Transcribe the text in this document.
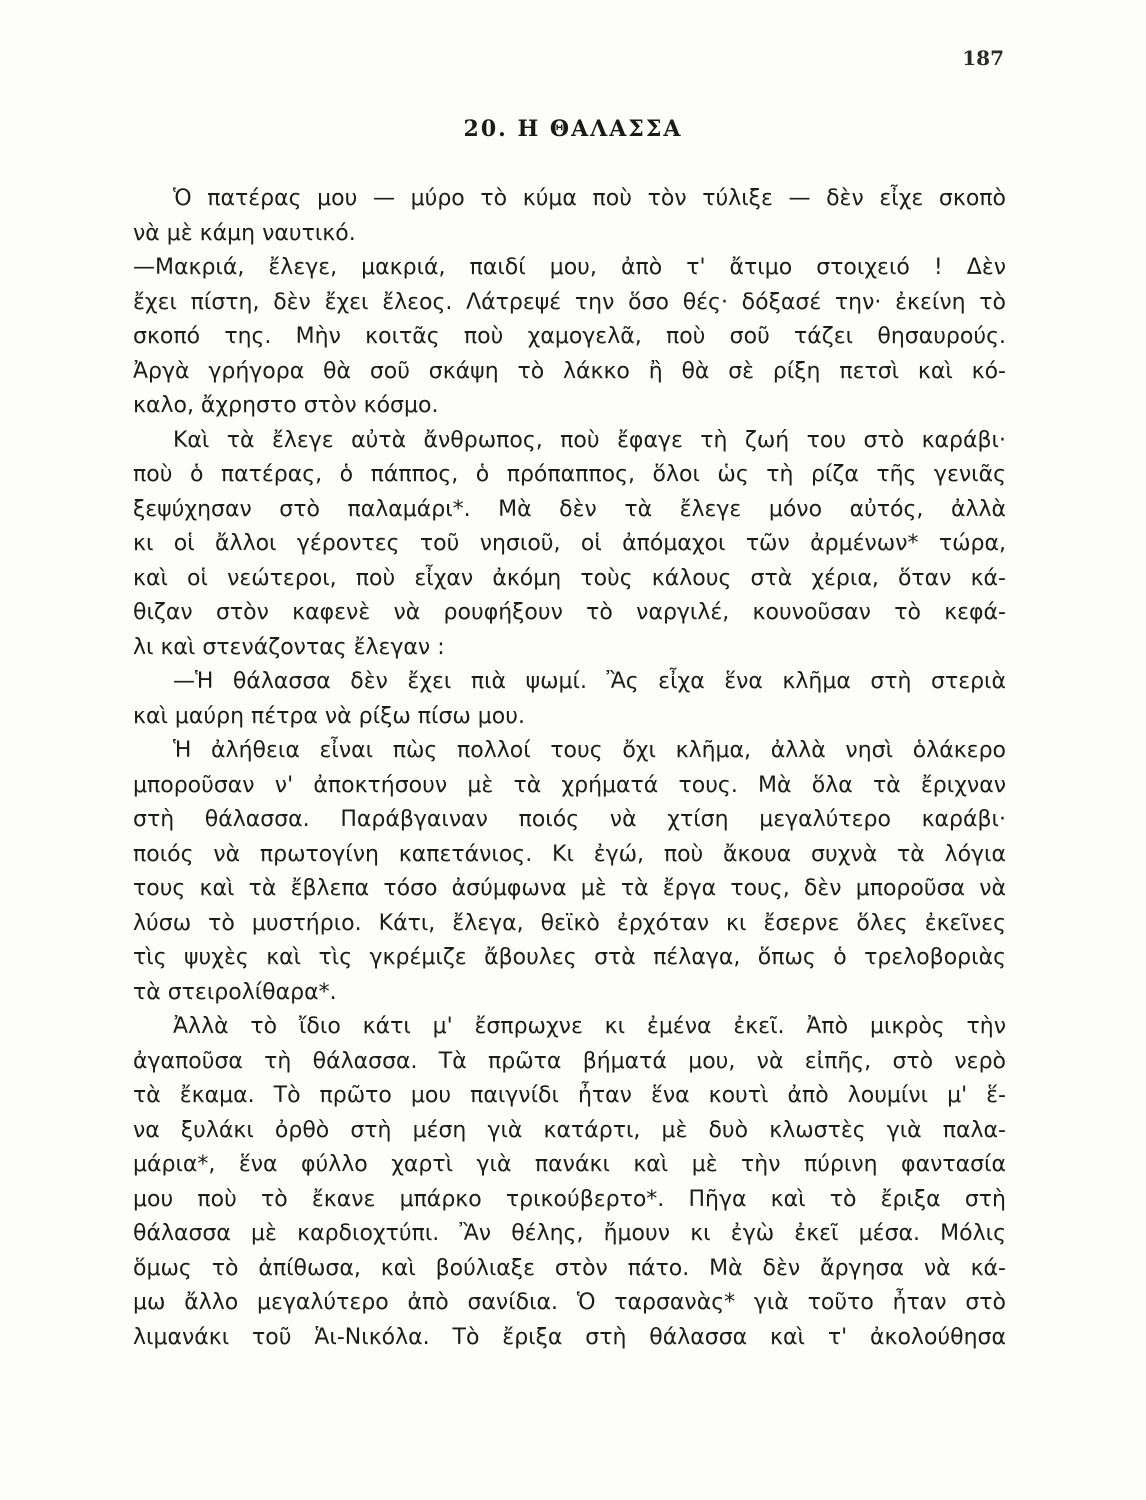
187
20. Η ΘΑΛΑΣΣΑ
Ὁ πατέρας μου — μύρο τὸ κύμα ποὺ τὸν τύλιξε — δὲν εἶχε σκοπὸ
νὰ μὲ κάμη ναυτικό.
—Μακριά, ἔλεγε, μακριά, παιδί μου, ἀπὸ τ' ἄτιμο στοιχειό ! Δὲν
ἔχει πίστη, δὲν ἔχει ἔλεος. Λάτρεψέ την ὅσο θές· δόξασέ την· ἐκείνη τὸ
σκοπό της. Μὴν κοιτᾶς ποὺ χαμογελᾶ, ποὺ σοῦ τάζει θησαυρούς.
Ἀργὰ γρήγορα θὰ σοῦ σκάψη τὸ λάκκο ἢ θὰ σὲ ρίξη πετσὶ καὶ κό-
καλο, ἄχρηστο στὸν κόσμο.
Καὶ τὰ ἔλεγε αὐτὰ ἄνθρωπος, ποὺ ἔφαγε τὴ ζωή του στὸ καράβι·
ποὺ ὁ πατέρας, ὁ πάππος, ὁ πρόπαππος, ὅλοι ὡς τὴ ρίζα τῆς γενιᾶς
ξεψύχησαν στὸ παλαμάρι*. Μὰ δὲν τὰ ἔλεγε μόνο αὐτός, ἀλλὰ
κι οἱ ἄλλοι γέροντες τοῦ νησιοῦ, οἱ ἀπόμαχοι τῶν ἀρμένων* τώρα,
καὶ οἱ νεώτεροι, ποὺ εἶχαν ἀκόμη τοὺς κάλους στὰ χέρια, ὅταν κά-
θιζαν στὸν καφενὲ νὰ ρουφήξουν τὸ ναργιλέ, κουνοῦσαν τὸ κεφά-
λι καὶ στενάζοντας ἔλεγαν :
—Ἡ θάλασσα δὲν ἔχει πιὰ ψωμί. Ἂς εἶχα ἕνα κλῆμα στὴ στεριὰ
καὶ μαύρη πέτρα νὰ ρίξω πίσω μου.
Ἡ ἀλήθεια εἶναι πὼς πολλοί τους ὄχι κλῆμα, ἀλλὰ νησὶ ὁλάκερο
μποροῦσαν ν' ἀποκτήσουν μὲ τὰ χρήματά τους. Μὰ ὅλα τὰ ἔριχναν
στὴ θάλασσα. Παράβγαιναν ποιός νὰ χτίση μεγαλύτερο καράβι·
ποιός νὰ πρωτογίνη καπετάνιος. Κι ἐγώ, ποὺ ἄκουα συχνὰ τὰ λόγια
τους καὶ τὰ ἔβλεπα τόσο ἀσύμφωνα μὲ τὰ ἔργα τους, δὲν μποροῦσα νὰ
λύσω τὸ μυστήριο. Κάτι, ἔλεγα, θεϊκὸ ἐρχόταν κι ἔσερνε ὅλες ἐκεῖνες
τὶς ψυχὲς καὶ τὶς γκρέμιζε ἄβουλες στὰ πέλαγα, ὅπως ὁ τρελοβοριὰς
τὰ στειρολίθαρα*.
Ἀλλὰ τὸ ἴδιο κάτι μ' ἔσπρωχνε κι ἐμένα ἐκεῖ. Ἀπὸ μικρὸς τὴν
ἀγαποῦσα τὴ θάλασσα. Τὰ πρῶτα βήματά μου, νὰ εἰπῆς, στὸ νερὸ
τὰ ἔκαμα. Τὸ πρῶτο μου παιγνίδι ἦταν ἕνα κουτὶ ἀπὸ λουμίνι μ' ἕ-
να ξυλάκι ὀρθὸ στὴ μέση γιὰ κατάρτι, μὲ δυὸ κλωστὲς γιὰ παλα-
μάρια*, ἕνα φύλλο χαρτὶ γιὰ πανάκι καὶ μὲ τὴν πύρινη φαντασία
μου ποὺ τὸ ἔκανε μπάρκο τρικούβερτο*. Πῆγα καὶ τὸ ἔριξα στὴ
θάλασσα μὲ καρδιοχτύπι. Ἂν θέλης, ἤμουν κι ἐγὼ ἐκεῖ μέσα. Μόλις
ὅμως τὸ ἀπίθωσα, καὶ βούλιαξε στὸν πάτο. Μὰ δὲν ἄργησα νὰ κά-
μω ἄλλο μεγαλύτερο ἀπὸ σανίδια. Ὁ ταρσανὰς* γιὰ τοῦτο ἦταν στὸ
λιμανάκι τοῦ Ἁι-Νικόλα. Τὸ ἔριξα στὴ θάλασσα καὶ τ' ἀκολούθησα
